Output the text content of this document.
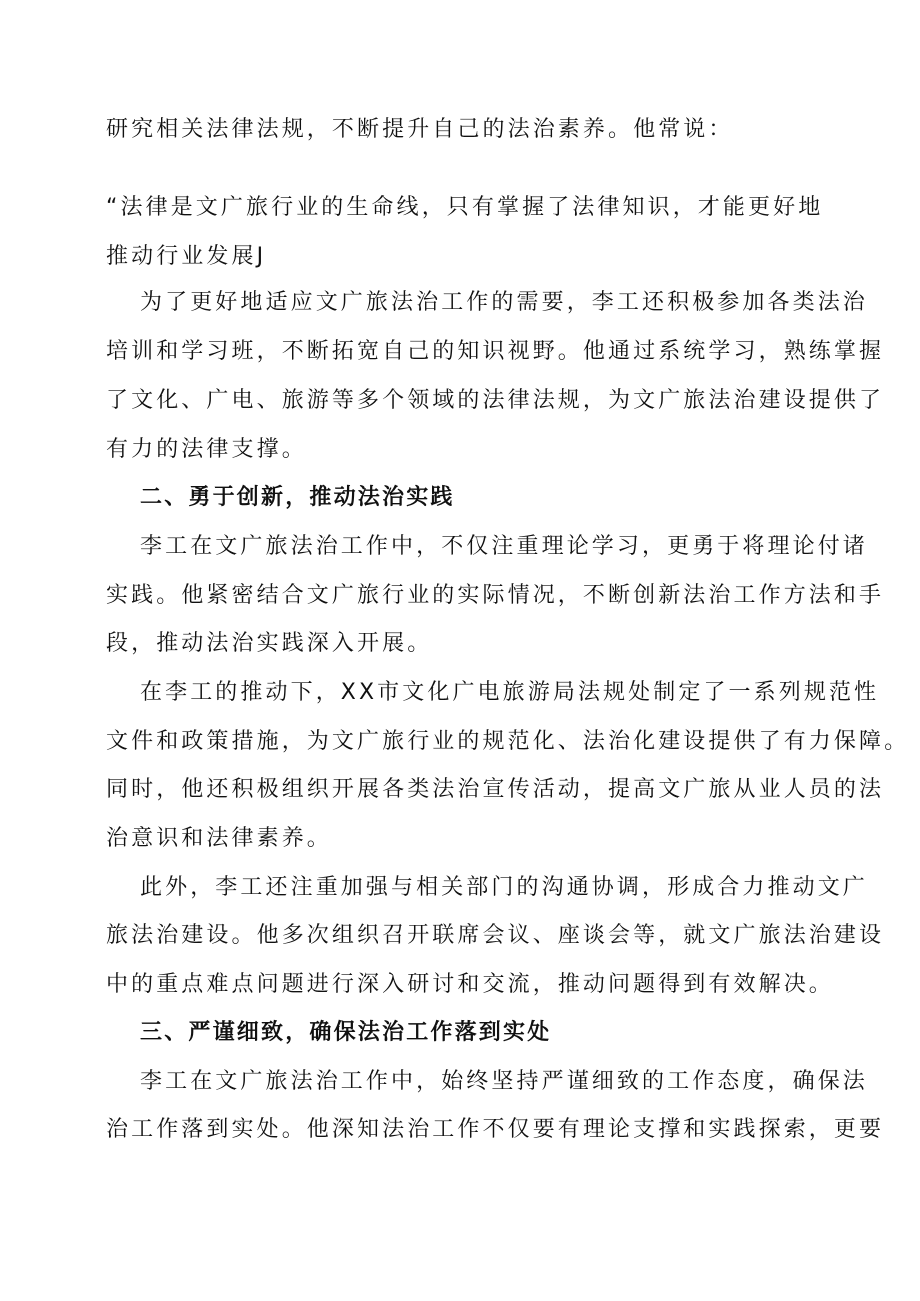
研究相关法律法规，不断提升自己的法治素养。他常说：
“法律是文广旅行业的生命线，只有掌握了法律知识，才能更好地
推动行业发展J
为了更好地适应文广旅法治工作的需要，李工还积极参加各类法治
培训和学习班，不断拓宽自己的知识视野。他通过系统学习，熟练掌握
了文化、广电、旅游等多个领域的法律法规，为文广旅法治建设提供了
有力的法律支撑。
二、勇于创新，推动法治实践
李工在文广旅法治工作中，不仅注重理论学习，更勇于将理论付诸
实践。他紧密结合文广旅行业的实际情况，不断创新法治工作方法和手
段，推动法治实践深入开展。
在李工的推动下，XX市文化广电旅游局法规处制定了一系列规范性
文件和政策措施，为文广旅行业的规范化、法治化建设提供了有力保障。
同时，他还积极组织开展各类法治宣传活动，提高文广旅从业人员的法
治意识和法律素养。
此外，李工还注重加强与相关部门的沟通协调，形成合力推动文广
旅法治建设。他多次组织召开联席会议、座谈会等，就文广旅法治建设
中的重点难点问题进行深入研讨和交流，推动问题得到有效解决。
三、严谨细致，确保法治工作落到实处
李工在文广旅法治工作中，始终坚持严谨细致的工作态度，确保法
治工作落到实处。他深知法治工作不仅要有理论支撑和实践探索，更要
